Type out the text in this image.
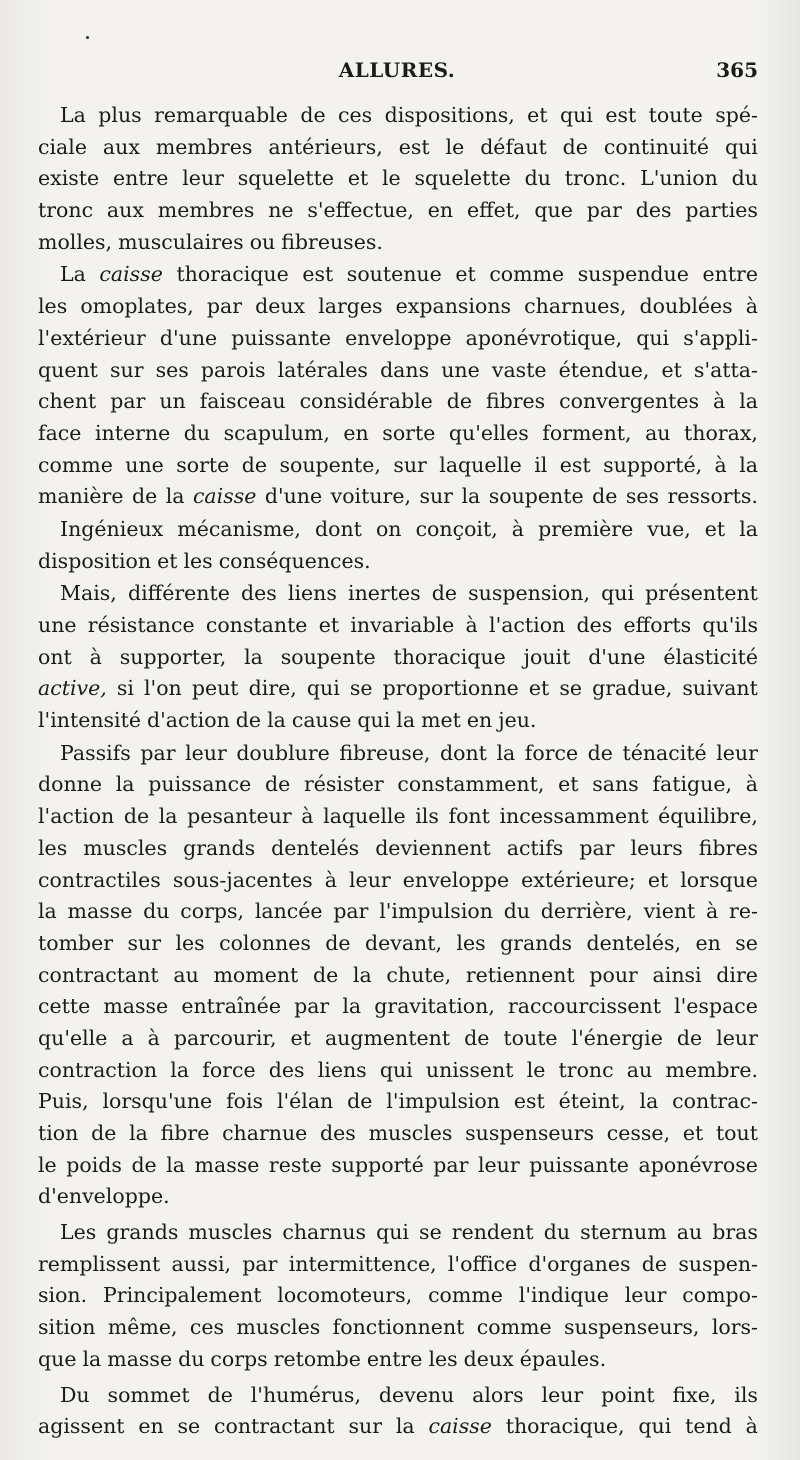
ALLURES.	365
La plus remarquable de ces dispositions, et qui est toute spé-
ciale aux membres antérieurs, est le défaut de continuité qui
existe entre leur squelette et le squelette du tronc. L'union du
tronc aux membres ne s'effectue, en effet, que par des parties
molles, musculaires ou fibreuses.
La caisse thoracique est soutenue et comme suspendue entre
les omoplates, par deux larges expansions charnues, doublées à
l'extérieur d'une puissante enveloppe aponévrotique, qui s'appli-
quent sur ses parois latérales dans une vaste étendue, et s'atta-
chent par un faisceau considérable de fibres convergentes à la
face interne du scapulum, en sorte qu'elles forment, au thorax,
comme une sorte de soupente, sur laquelle il est supporté, à la
manière de la caisse d'une voiture, sur la soupente de ses ressorts.
Ingénieux mécanisme, dont on conçoit, à première vue, et la
disposition et les conséquences.
Mais, différente des liens inertes de suspension, qui présentent
une résistance constante et invariable à l'action des efforts qu'ils
ont à supporter, la soupente thoracique jouit d'une élasticité
active, si l'on peut dire, qui se proportionne et se gradue, suivant
l'intensité d'action de la cause qui la met en jeu.
Passifs par leur doublure fibreuse, dont la force de ténacité leur
donne la puissance de résister constamment, et sans fatigue, à
l'action de la pesanteur à laquelle ils font incessamment équilibre,
les muscles grands dentelés deviennent actifs par leurs fibres
contractiles sous-jacentes à leur enveloppe extérieure; et lorsque
la masse du corps, lancée par l'impulsion du derrière, vient à re-
tomber sur les colonnes de devant, les grands dentelés, en se
contractant au moment de la chute, retiennent pour ainsi dire
cette masse entraînée par la gravitation, raccourcissent l'espace
qu'elle a à parcourir, et augmentent de toute l'énergie de leur
contraction la force des liens qui unissent le tronc au membre.
Puis, lorsqu'une fois l'élan de l'impulsion est éteint, la contrac-
tion de la fibre charnue des muscles suspenseurs cesse, et tout
le poids de la masse reste supporté par leur puissante aponévrose
d'enveloppe.
Les grands muscles charnus qui se rendent du sternum au bras
remplissent aussi, par intermittence, l'office d'organes de suspen-
sion. Principalement locomoteurs, comme l'indique leur compo-
sition même, ces muscles fonctionnent comme suspenseurs, lors-
que la masse du corps retombe entre les deux épaules.
Du sommet de l'humérus, devenu alors leur point fixe, ils
agissent en se contractant sur la caisse thoracique, qui tend à
